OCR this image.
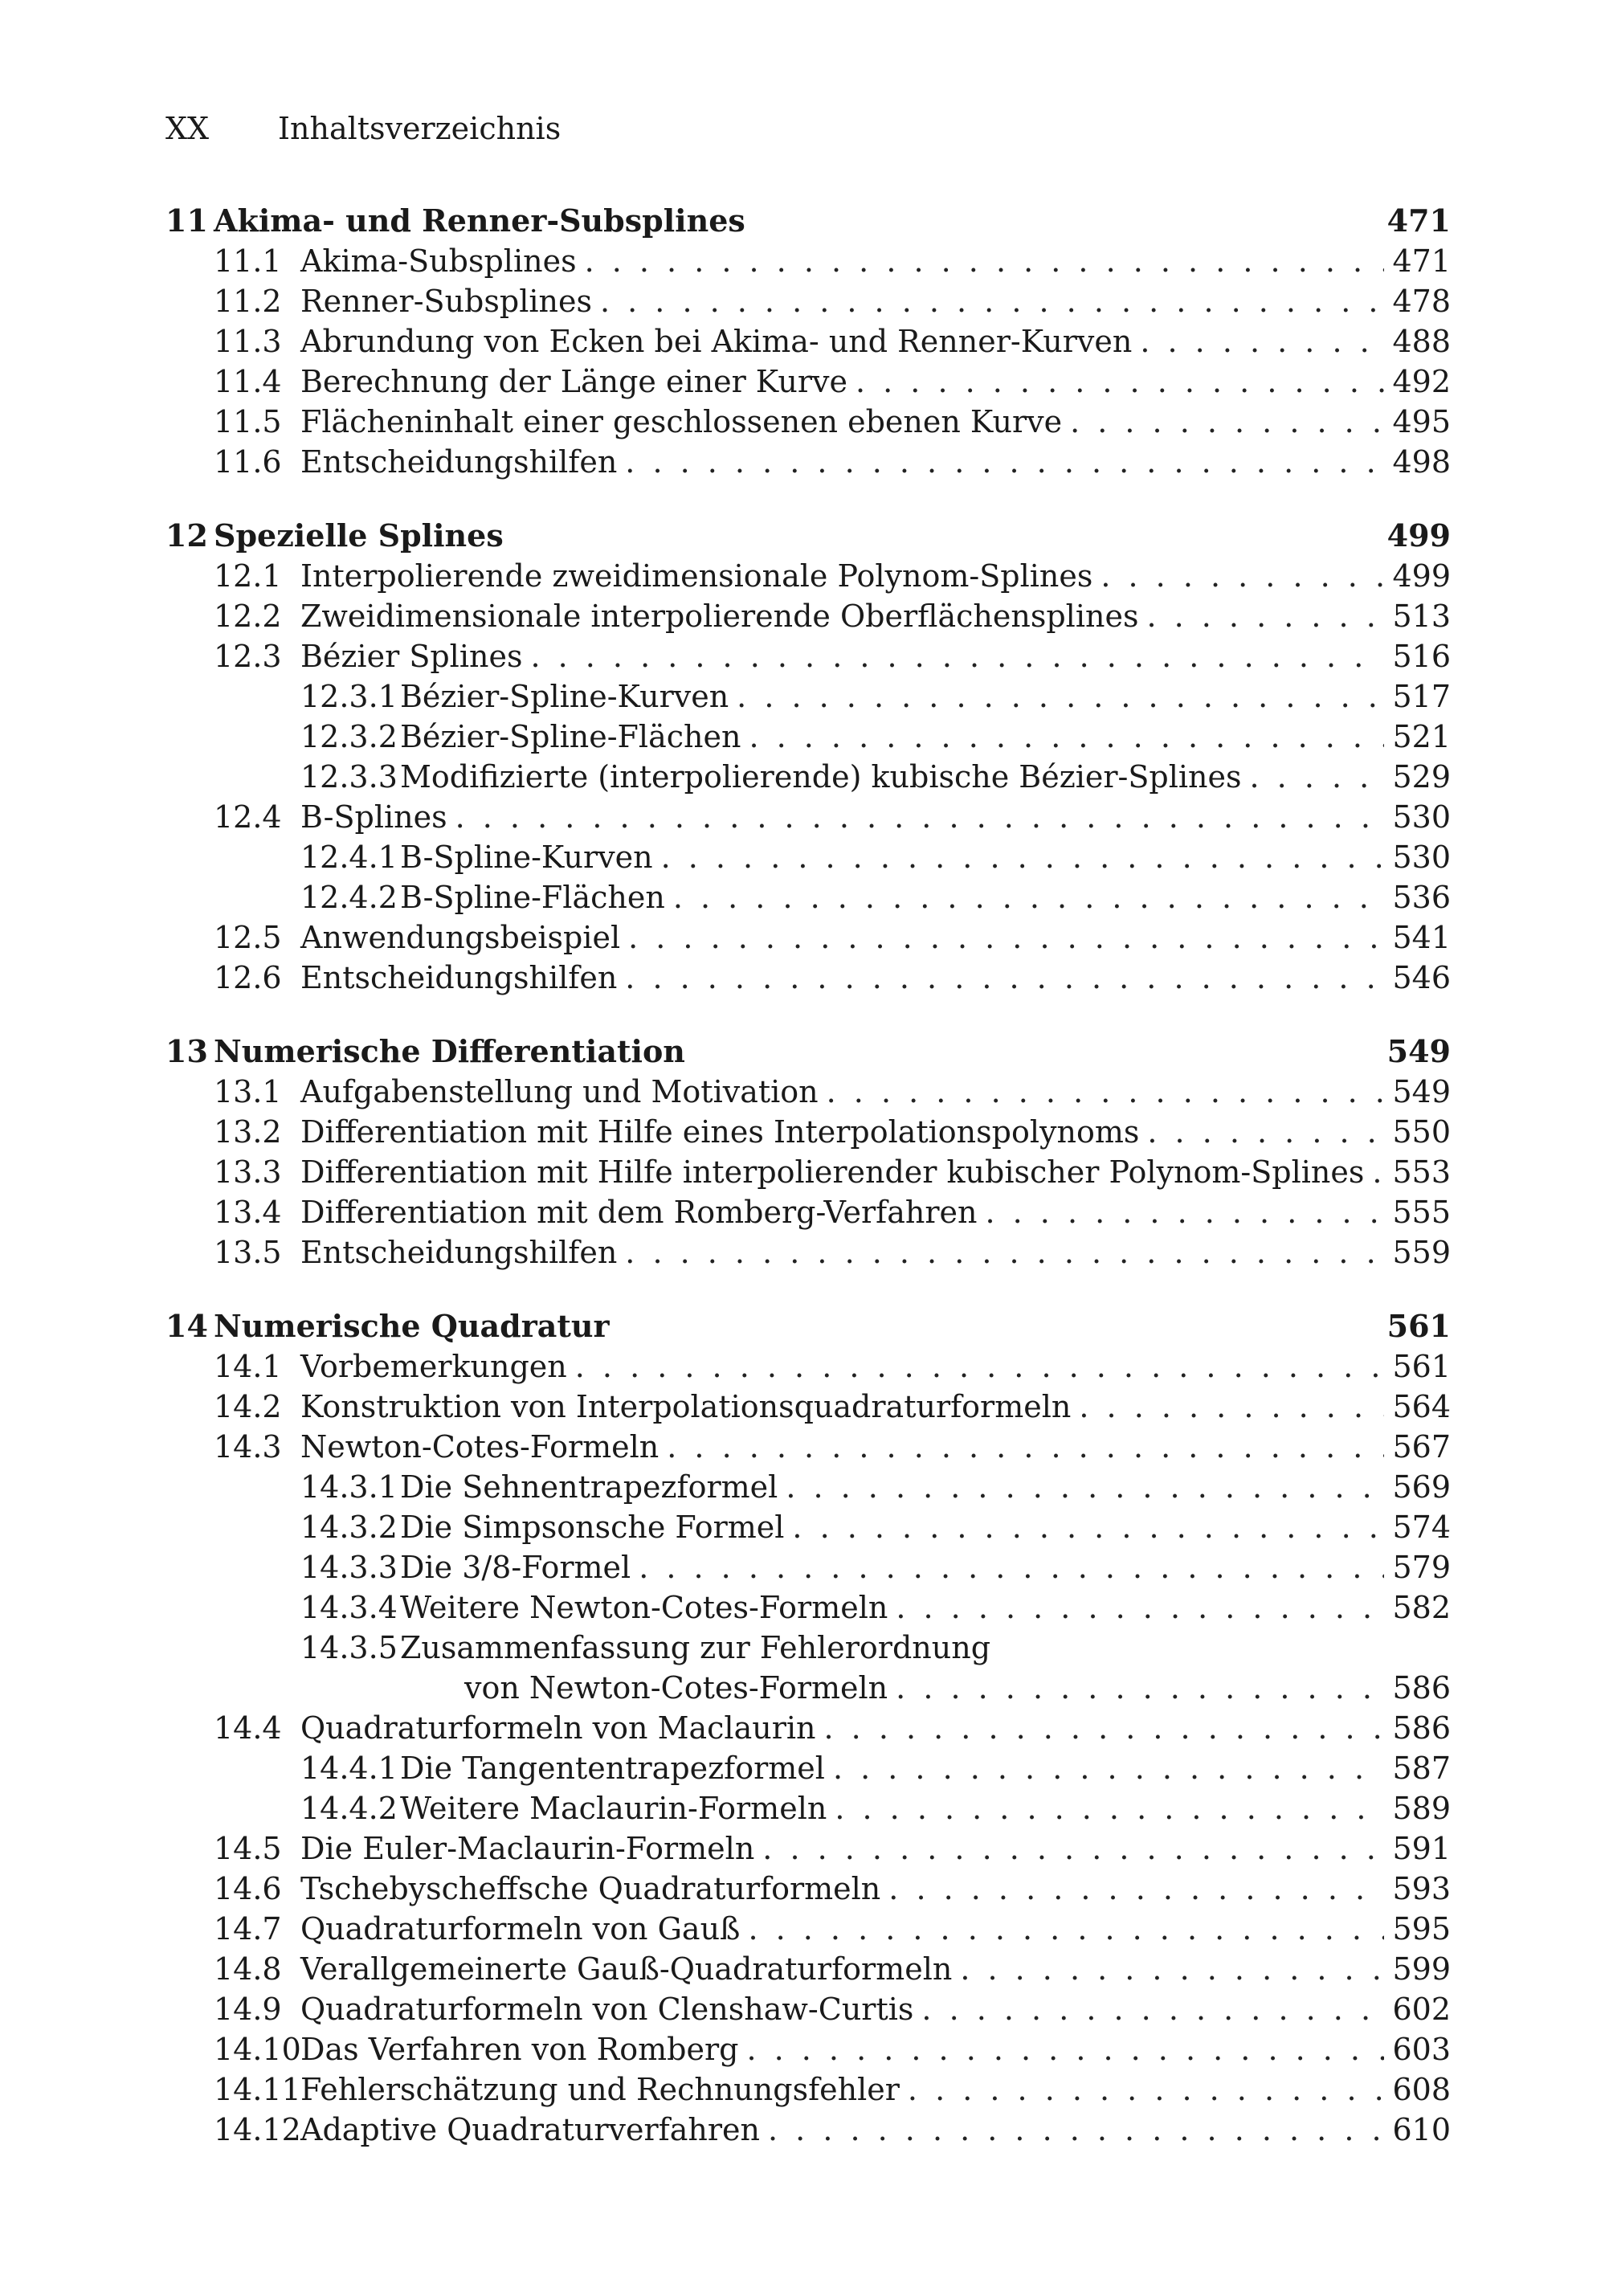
XX Inhaltsverzeichnis
11 Akima- und Renner-Subsplines	471
11.1 Akima-Subsplines . . .	471
11.2 Renner-Subsplines . . .	478
11.3 Abrundung von Ecken bei Akima- und Renner-Kurven . . .	488
11.4 Berechnung der Länge einer Kurve . . .	492
11.5 Flächeninhalt einer geschlossenen ebenen Kurve . . .	495
11.6 Entscheidungshilfen . . .	498
12 Spezielle Splines	499
12.1 Interpolierende zweidimensionale Polynom-Splines . . .	499
12.2 Zweidimensionale interpolierende Oberflächensplines . . .	513
12.3 Bézier Splines . . .	516
12.3.1 Bézier-Spline-Kurven . . .	517
12.3.2 Bézier-Spline-Flächen . . .	521
12.3.3 Modifizierte (interpolierende) kubische Bézier-Splines . . .	529
12.4 B-Splines . . .	530
12.4.1 B-Spline-Kurven . . .	530
12.4.2 B-Spline-Flächen . . .	536
12.5 Anwendungsbeispiel . . .	541
12.6 Entscheidungshilfen . . .	546
13 Numerische Differentiation	549
13.1 Aufgabenstellung und Motivation . . .	549
13.2 Differentiation mit Hilfe eines Interpolationspolynoms . . .	550
13.3 Differentiation mit Hilfe interpolierender kubischer Polynom-Splines . . . 553
13.4 Differentiation mit dem Romberg-Verfahren . . .	555
13.5 Entscheidungshilfen . . .	559
14 Numerische Quadratur	561
14.1 Vorbemerkungen . . .	561
14.2 Konstruktion von Interpolationsquadraturformeln . . .	564
14.3 Newton-Cotes-Formeln . . .	567
14.3.1 Die Sehnentrapezformel . . .	569
14.3.2 Die Simpsonsche Formel . . .	574
14.3.3 Die 3/8-Formel . . .	579
14.3.4 Weitere Newton-Cotes-Formeln . . .	582
14.3.5 Zusammenfassung zur Fehlerordnung
von Newton-Cotes-Formeln . . .	586
14.4 Quadraturformeln von Maclaurin . . .	586
14.4.1 Die Tangententrapezformel . . .	587
14.4.2 Weitere Maclaurin-Formeln . . .	589
14.5 Die Euler-Maclaurin-Formeln . . .	591
14.6 Tschebyscheffsche Quadraturformeln . . .	593
14.7 Quadraturformeln von Gauß . . .	595
14.8 Verallgemeinerte Gauß-Quadraturformeln . . .	599
14.9 Quadraturformeln von Clenshaw-Curtis . . .	602
14.10 Das Verfahren von Romberg . . .	603
14.11 Fehlerschätzung und Rechnungsfehler . . .	608
14.12 Adaptive Quadraturverfahren . . .	610
